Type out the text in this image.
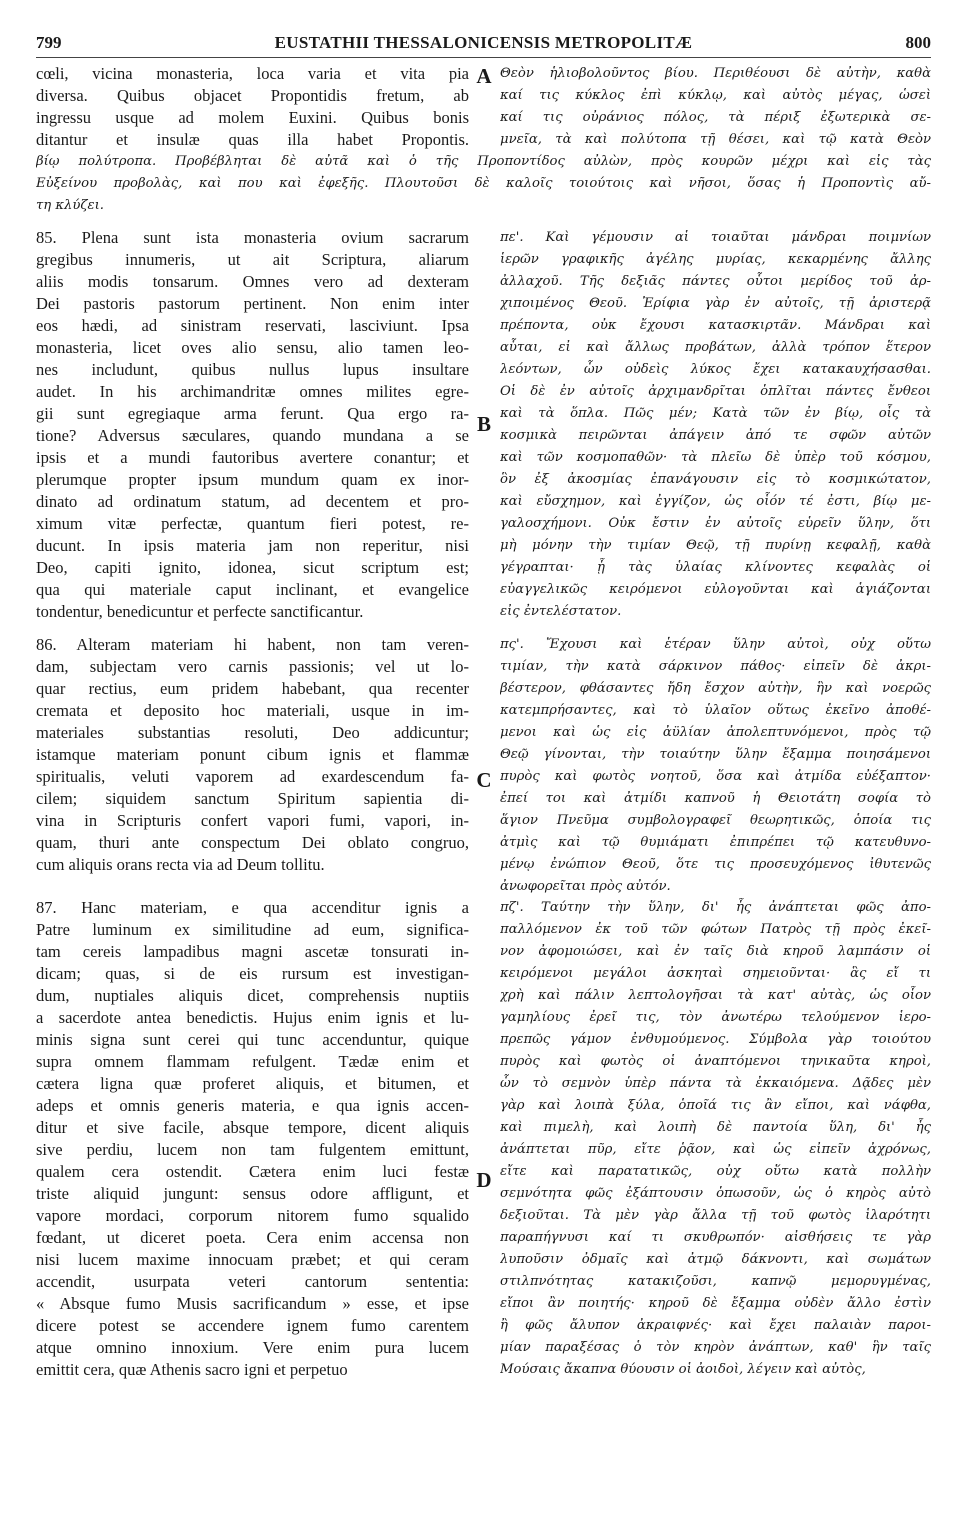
799	EUSTATHII THESSALONICENSIS METROPOLITÆ	800
cœli, vicina monasteria, loca varia et vita pia
diversa. Quibus objacet Propontidis fretum, ab
ingressu usque ad molem Euxini. Quibus bonis
ditantur et insulæ quas illa habet Propontis.
Θεὸν ἡλιοβολοῦντος βίου. Περιθέουσι δὲ αὐτὴν, καθὰ
καί τις κύκλος ἐπὶ κύκλῳ, καὶ αὐτὸς μέγας, ὡσεὶ
καί τις οὐράνιος πόλος, τὰ πέριξ ἐξωτερικὰ σε-
μνεῖα, τὰ καὶ πολύτοπα τῇ θέσει, καὶ τῷ κατὰ Θεὸν
βίῳ πολύτροπα. Προβέβληται δὲ αὐτᾶ καὶ ὁ τῆς Προποντίδος αὐλὼν, πρὸς κουρῶν μέχρι καὶ εἰς τὰς
Εὐξείνου προβολὰς, καὶ που καὶ ἐφεξῆς. Πλουτοῦσι δὲ καλοῖς τοιούτοις καὶ νῆσοι, ὅσας ἡ Προποντὶς αὔ-
τη κλύζει.
85. Plena sunt ista monasteria ovium sacrarum
gregibus innumeris, ut ait Scriptura, aliarum
aliis modis tonsarum. Omnes vero ad dexteram
Dei pastoris pastorum pertinent. Non enim inter
eos hædi, ad sinistram reservati, lasciviunt. Ipsa
monasteria, licet oves alio sensu, alio tamen leo-
nes includunt, quibus nullus lupus insultare
audet. In his archimandritæ omnes milites egre-
gii sunt egregiaque arma ferunt. Qua ergo ra-
tione? Adversus sæculares, quando mundana a se
ipsis et a mundi fautoribus avertere conantur; et
plerumque propter ipsum mundum quam ex inor-
dinato ad ordinatum statum, ad decentem et pro-
ximum vitæ perfectæ, quantum fieri potest, re-
ducunt. In ipsis materia jam non reperitur, nisi
Deo, capiti ignito, idonea, sicut scriptum est;
qua qui materiale caput inclinant, et evangelice
tondentur, benedicuntur et perfecte sanctificantur.
86. Alteram materiam hi habent, non tam veren-
dam, subjectam vero carnis passionis; vel ut lo-
quar rectius, eum pridem habebant, qua recenter
cremata et deposito hoc materiali, usque in im-
materiales substantias resoluti, Deo addicuntur;
istamque materiam ponunt cibum ignis et flammæ
spiritualis, veluti vaporem ad exardescendum fa-
cilem; siquidem sanctum Spiritum sapientia di-
vina in Scripturis confert vapori fumi, vapori, in-
quam, thuri ante conspectum Dei oblato congruo,
cum aliquis orans recta via ad Deum tollitu.
87. Hanc materiam, e qua accenditur ignis a
Patre luminum ex similitudine ad eum, significa-
tam cereis lampadibus magni ascetæ tonsurati in-
dicam; quas, si de eis rursum est investigan-
dum, nuptiales aliquis dicet, comprehensis nuptiis
a sacerdote antea benedictis. Hujus enim ignis et lu-
minis signa sunt cerei qui tunc accenduntur, quique
supra omnem flammam refulgent. Tædæ enim et
cætera ligna quæ proferet aliquis, et bitumen, et
adeps et omnis generis materia, e qua ignis accen-
ditur et sive facile, absque tempore, dicent aliquis
sive perdiu, lucem non tam fulgentem emittunt,
qualem cera ostendit. Cætera enim luci festæ
triste aliquid jungunt: sensus odore affligunt, et
vapore mordaci, corporum nitorem fumo squalido
fœdant, ut diceret poeta. Cera enim accensa non
nisi lucem maxime innocuam præbet; et qui ceram
accendit, usurpata veteri cantorum sententia:
« Absque fumo Musis sacrificandum » esse, et ipse
dicere potest se accendere ignem fumo carentem
atque omnino innoxium. Vere enim pura lucem
emittit cera, quæ Athenis sacro igni et perpetuo
πε'. Καὶ γέμουσιν αἱ τοιαῦται μάνδραι ποιμνίων
ἱερῶν γραφικῆς ἀγέλης μυρίας, κεκαρμένης ἄλλης
ἀλλαχοῦ. Τῆς δεξιᾶς πάντες οὗτοι μερίδος τοῦ ἀρ-
χιποιμένος Θεοῦ. Ἐρίφια γὰρ ἐν αὐτοῖς, τῇ ἀριστερᾷ
πρέποντα, οὐκ ἔχουσι κατασκιρτᾶν. Μάνδραι καὶ
αὗται, εἰ καὶ ἄλλως προβάτων, ἀλλὰ τρόπον ἕτερον
λεόντων, ὧν οὐδεὶς λύκος ἔχει κατακαυχήσασθαι.
Οἱ δὲ ἐν αὐτοῖς ἀρχιμανδρῖται ὁπλῖται πάντες ἔνθεοι
καὶ τὰ ὅπλα. Πῶς μέν; Κατὰ τῶν ἐν βίῳ, οἷς τὰ
κοσμικὰ πειρῶνται ἀπάγειν ἀπό τε σφῶν αὐτῶν
καὶ τῶν κοσμοπαθῶν· τὰ πλεῖω δὲ ὑπὲρ τοῦ κόσμου,
ὃν ἐξ ἀκοσμίας ἐπανάγουσιν εἰς τὸ κοσμικώτατον,
καὶ εὔσχημον, καὶ ἐγγίζον, ὡς οἷόν τέ ἐστι, βίῳ με-
γαλοσχήμονι. Οὐκ ἔστιν ἐν αὐτοῖς εὑρεῖν ὕλην, ὅτι
μὴ μόνην τὴν τιμίαν Θεῷ, τῇ πυρίνῃ κεφαλῇ, καθὰ
γέγραπται· ᾗ τὰς ὑλαίας κλίνοντες κεφαλὰς οἱ
εὐαγγελικῶς κειρόμενοι εὐλογοῦνται καὶ ἁγιάζονται
εἰς ἐντελέστατον.
πς'. Ἔχουσι καὶ ἑτέραν ὕλην αὐτοὶ, οὐχ οὕτω
τιμίαν, τὴν κατὰ σάρκινον πάθος· εἰπεῖν δὲ ἀκρι-
βέστερον, φθάσαντες ἤδη ἔσχον αὐτὴν, ἣν καὶ νοερῶς
κατεμπρήσαντες, καὶ τὸ ὑλαῖον οὕτως ἐκεῖνο ἀποθέ-
μενοι καὶ ὡς εἰς ἀϋλίαν ἀπολεπτυνόμενοι, πρὸς τῷ
Θεῷ γίνονται, τὴν τοιαύτην ὕλην ἔξαμμα ποιησάμενοι
πυρὸς καὶ φωτὸς νοητοῦ, ὅσα καὶ ἀτμίδα εὐέξαπτον·
ἐπεί τοι καὶ ἀτμίδι καπνοῦ ἡ Θειοτάτη σοφία τὸ
ἅγιον Πνεῦμα συμβολογραφεῖ θεωρητικῶς, ὁποία τις
ἀτμὶς καὶ τῷ θυμιάματι ἐπιπρέπει τῷ κατευθυνο-
μένῳ ἐνώπιον Θεοῦ, ὅτε τις προσευχόμενος ἰθυτενῶς
ἀνωφορεῖται πρὸς αὐτόν.
πζ'. Ταύτην τὴν ὕλην, δι' ἧς ἀνάπτεται φῶς ἀπο-
παλλόμενον ἐκ τοῦ τῶν φώτων Πατρὸς τῇ πρὸς ἐκεῖ-
νον ἀφομοιώσει, καὶ ἐν ταῖς διὰ κηροῦ λαμπάσιν οἱ
κειρόμενοι μεγάλοι ἀσκηταὶ σημειοῦνται· ἃς εἴ τι
χρὴ καὶ πάλιν λεπτολογῆσαι τὰ κατ' αὐτὰς, ὡς οἷον
γαμηλίους ἐρεῖ τις, τὸν ἀνωτέρω τελούμενον ἱερο-
πρεπῶς γάμον ἐνθυμούμενος. Σύμβολα γὰρ τοιούτου
πυρὸς καὶ φωτὸς οἱ ἀναπτόμενοι τηνικαῦτα κηροὶ,
ὧν τὸ σεμνὸν ὑπὲρ πάντα τὰ ἐκκαιόμενα. Δᾷδες μὲν
γὰρ καὶ λοιπὰ ξύλα, ὁποῖά τις ἂν εἴποι, καὶ νάφθα,
καὶ πιμελὴ, καὶ λοιπὴ δὲ παντοία ὕλη, δι' ἧς
ἀνάπτεται πῦρ, εἴτε ῥᾷον, καὶ ὡς εἰπεῖν ἀχρόνως,
εἴτε καὶ παρατατικῶς, οὐχ οὕτω κατὰ πολλὴν
σεμνότητα φῶς ἐξάπτουσιν ὁπωσοῦν, ὡς ὁ κηρὸς αὐτὸ
δεξιοῦται. Τὰ μὲν γὰρ ἄλλα τῇ τοῦ φωτὸς ἱλαρότητι
παραπήγνυσι καί τι σκυθρωπόν· αἰσθήσεις τε γὰρ
λυποῦσιν ὀδμαῖς καὶ ἀτμῷ δάκνοντι, καὶ σωμάτων
στιλπνότητας κατακιζοῦσι, καπνῷ μεμορυγμένας,
εἴποι ἂν ποιητής· κηροῦ δὲ ἔξαμμα οὐδὲν ἄλλο ἐστὶν
ἢ φῶς ἄλυπον ἀκραιφνές· καὶ ἔχει παλαιὰν παροι-
μίαν παραξέσας ὁ τὸν κηρὸν ἀνάπτων, καθ' ἣν ταῖς
Μούσαις ἄκαπνα θύουσιν οἱ ἀοιδοὶ, λέγειν καὶ αὐτὸς,
A
B
C
D
